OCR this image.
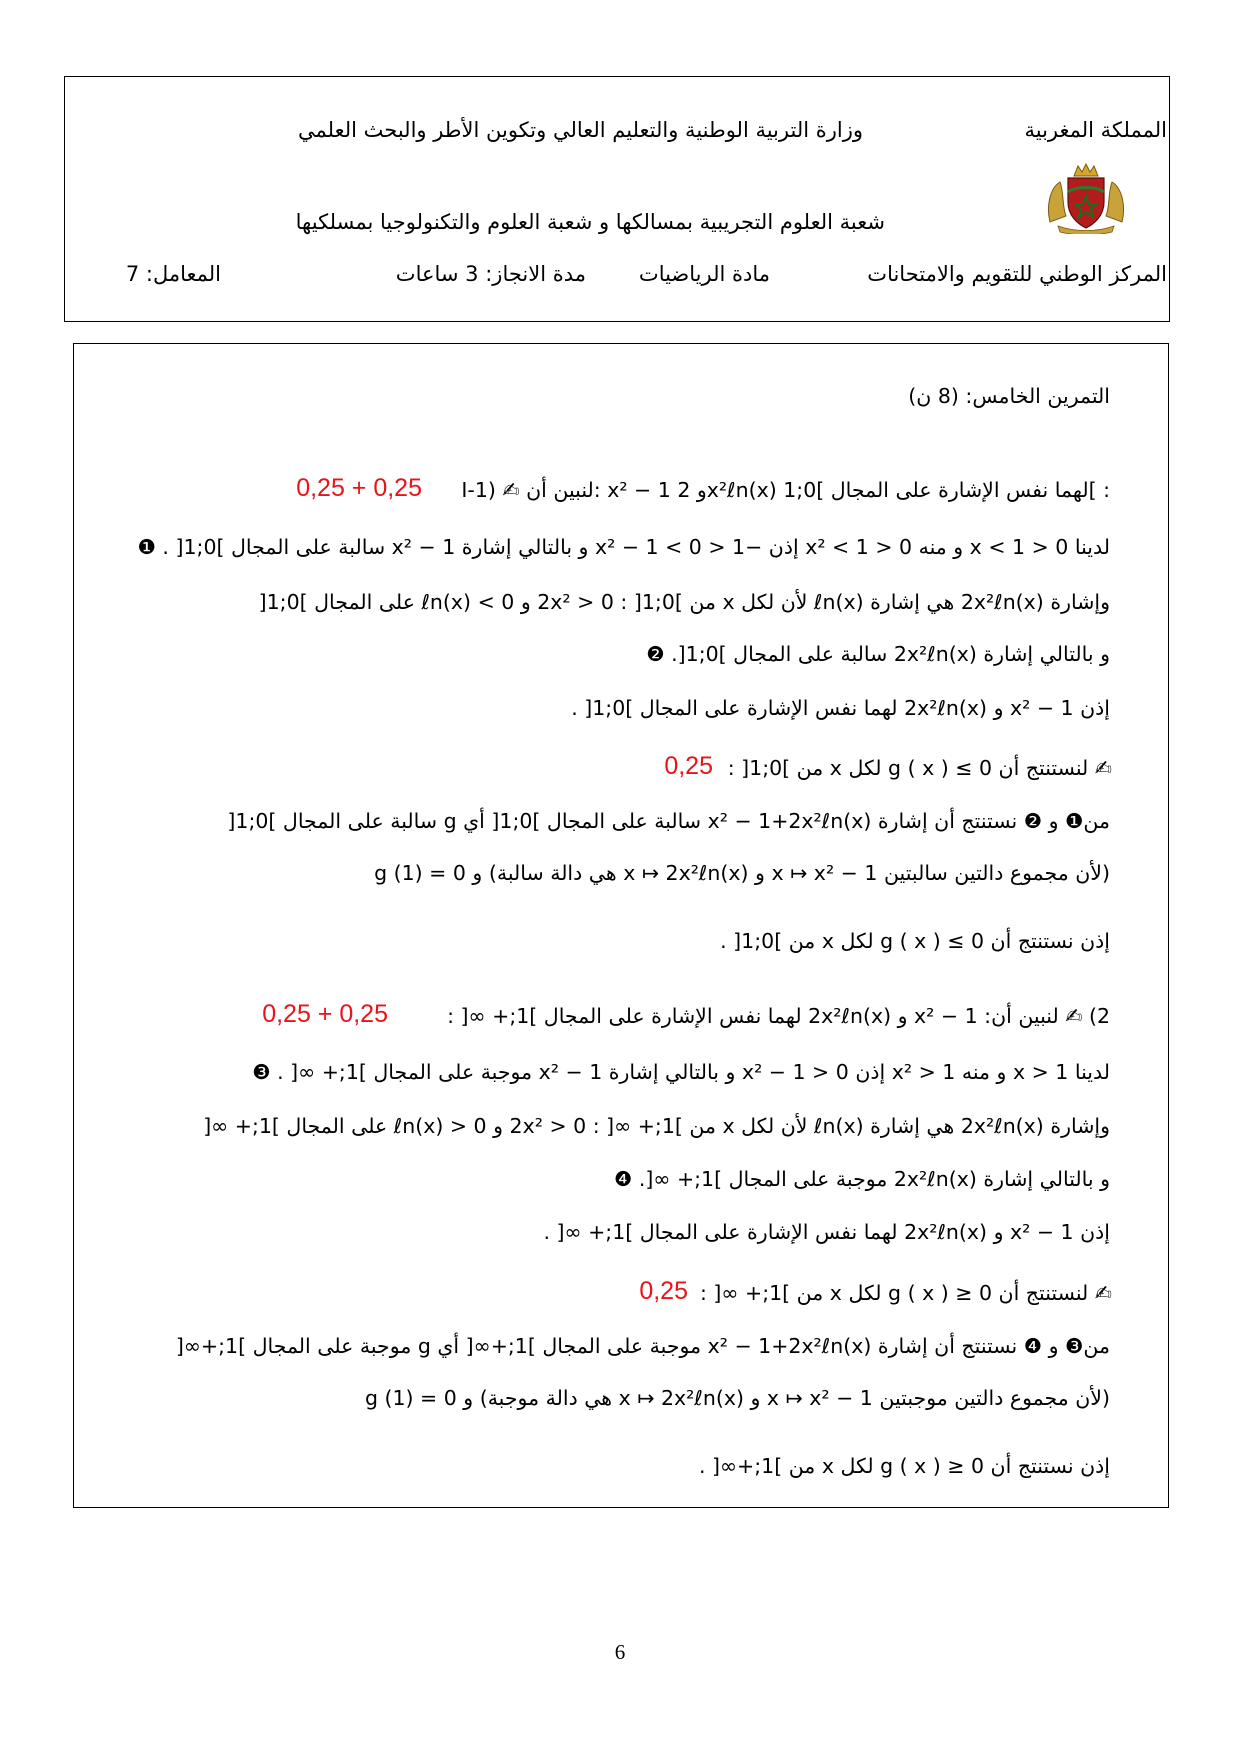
المملكة المغربية
وزارة التربية الوطنية والتعليم العالي وتكوين الأطر والبحث العلمي
شعبة العلوم التجريبية بمسالكها و شعبة العلوم والتكنولوجيا بمسلكيها
المركز الوطني للتقويم والامتحانات
مادة الرياضيات
مدة الانجاز: 3 ساعات
المعامل: 7
التمرين الخامس: (8 ن)
I-1) ✍ لنبين أن: x² − 1 و 2x²ℓn(x) لهما نفس الإشارة على المجال ]0;1[ :
0,25 + 0,25
لدينا 0 < x < 1 و منه 0 < x² < 1 إذن −1 < x² − 1 < 0 و بالتالي إشارة x² − 1 سالبة على المجال ]0;1[ . ❶
وإشارة 2x²ℓn(x) هي إشارة ℓn(x) لأن لكل x من ]0;1[ : 2x² > 0 و ℓn(x) < 0 على المجال ]0;1[
و بالتالي إشارة 2x²ℓn(x) سالبة على المجال ]0;1[. ❷
إذن x² − 1 و 2x²ℓn(x) لهما نفس الإشارة على المجال ]0;1[ .
✍ لنستنتج أن g ( x ) ≤ 0 لكل x من ]0;1[ :
0,25
من❶ و ❷ نستنتج أن إشارة x² − 1+2x²ℓn(x) سالبة على المجال ]0;1[ أي g سالبة على المجال ]0;1[
(لأن مجموع دالتين سالبتين x ↦ x² − 1 و x ↦ 2x²ℓn(x) هي دالة سالبة) و g (1) = 0
إذن نستنتج أن g ( x ) ≤ 0 لكل x من ]0;1[ .
2) ✍ لنبين أن: x² − 1 و 2x²ℓn(x) لهما نفس الإشارة على المجال ]1;+ ∞[ :
0,25 + 0,25
لدينا x > 1 و منه x² > 1 إذن x² − 1 > 0 و بالتالي إشارة x² − 1 موجبة على المجال ]1;+ ∞[ . ❸
وإشارة 2x²ℓn(x) هي إشارة ℓn(x) لأن لكل x من ]1;+ ∞[ : 2x² > 0 و ℓn(x) > 0 على المجال ]1;+ ∞[
و بالتالي إشارة 2x²ℓn(x) موجبة على المجال ]1;+ ∞[. ❹
إذن x² − 1 و 2x²ℓn(x) لهما نفس الإشارة على المجال ]1;+ ∞[ .
✍ لنستنتج أن g ( x ) ≥ 0 لكل x من ]1;+ ∞[ :
0,25
من❸ و ❹ نستنتج أن إشارة x² − 1+2x²ℓn(x) موجبة على المجال ]1;+∞[ أي g موجبة على المجال ]1;+∞[
(لأن مجموع دالتين موجبتين x ↦ x² − 1 و x ↦ 2x²ℓn(x) هي دالة موجبة) و g (1) = 0
إذن نستنتج أن g ( x ) ≥ 0 لكل x من ]1;+∞[ .
6
